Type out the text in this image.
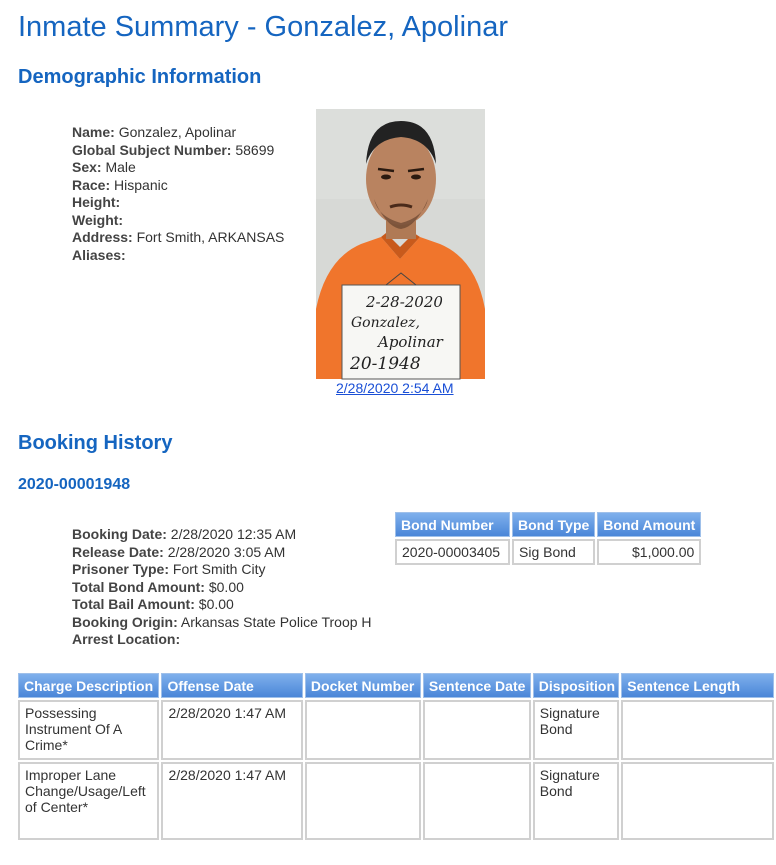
Inmate Summary - Gonzalez, Apolinar
Demographic Information
Name: Gonzalez, Apolinar
Global Subject Number: 58699
Sex: Male
Race: Hispanic
Height:
Weight:
Address: Fort Smith, ARKANSAS
Aliases:
2-28-2020
Gonzalez,
Apolinar
20-1948
2/28/2020 2:54 AM
Booking History
2020-00001948
Booking Date: 2/28/2020 12:35 AM
Release Date: 2/28/2020 3:05 AM
Prisoner Type: Fort Smith City
Total Bond Amount: $0.00
Total Bail Amount: $0.00
Booking Origin: Arkansas State Police Troop H
Arrest Location:
Bond Number	Bond Type	Bond Amount
2020-00003405	Sig Bond	$1,000.00
Charge Description	Offense Date	Docket Number	Sentence Date	Disposition	Sentence Length
Possessing Instrument Of A Crime*	2/28/2020 1:47 AM			Signature Bond	
Improper Lane Change/Usage/Left of Center*	2/28/2020 1:47 AM			Signature Bond	
